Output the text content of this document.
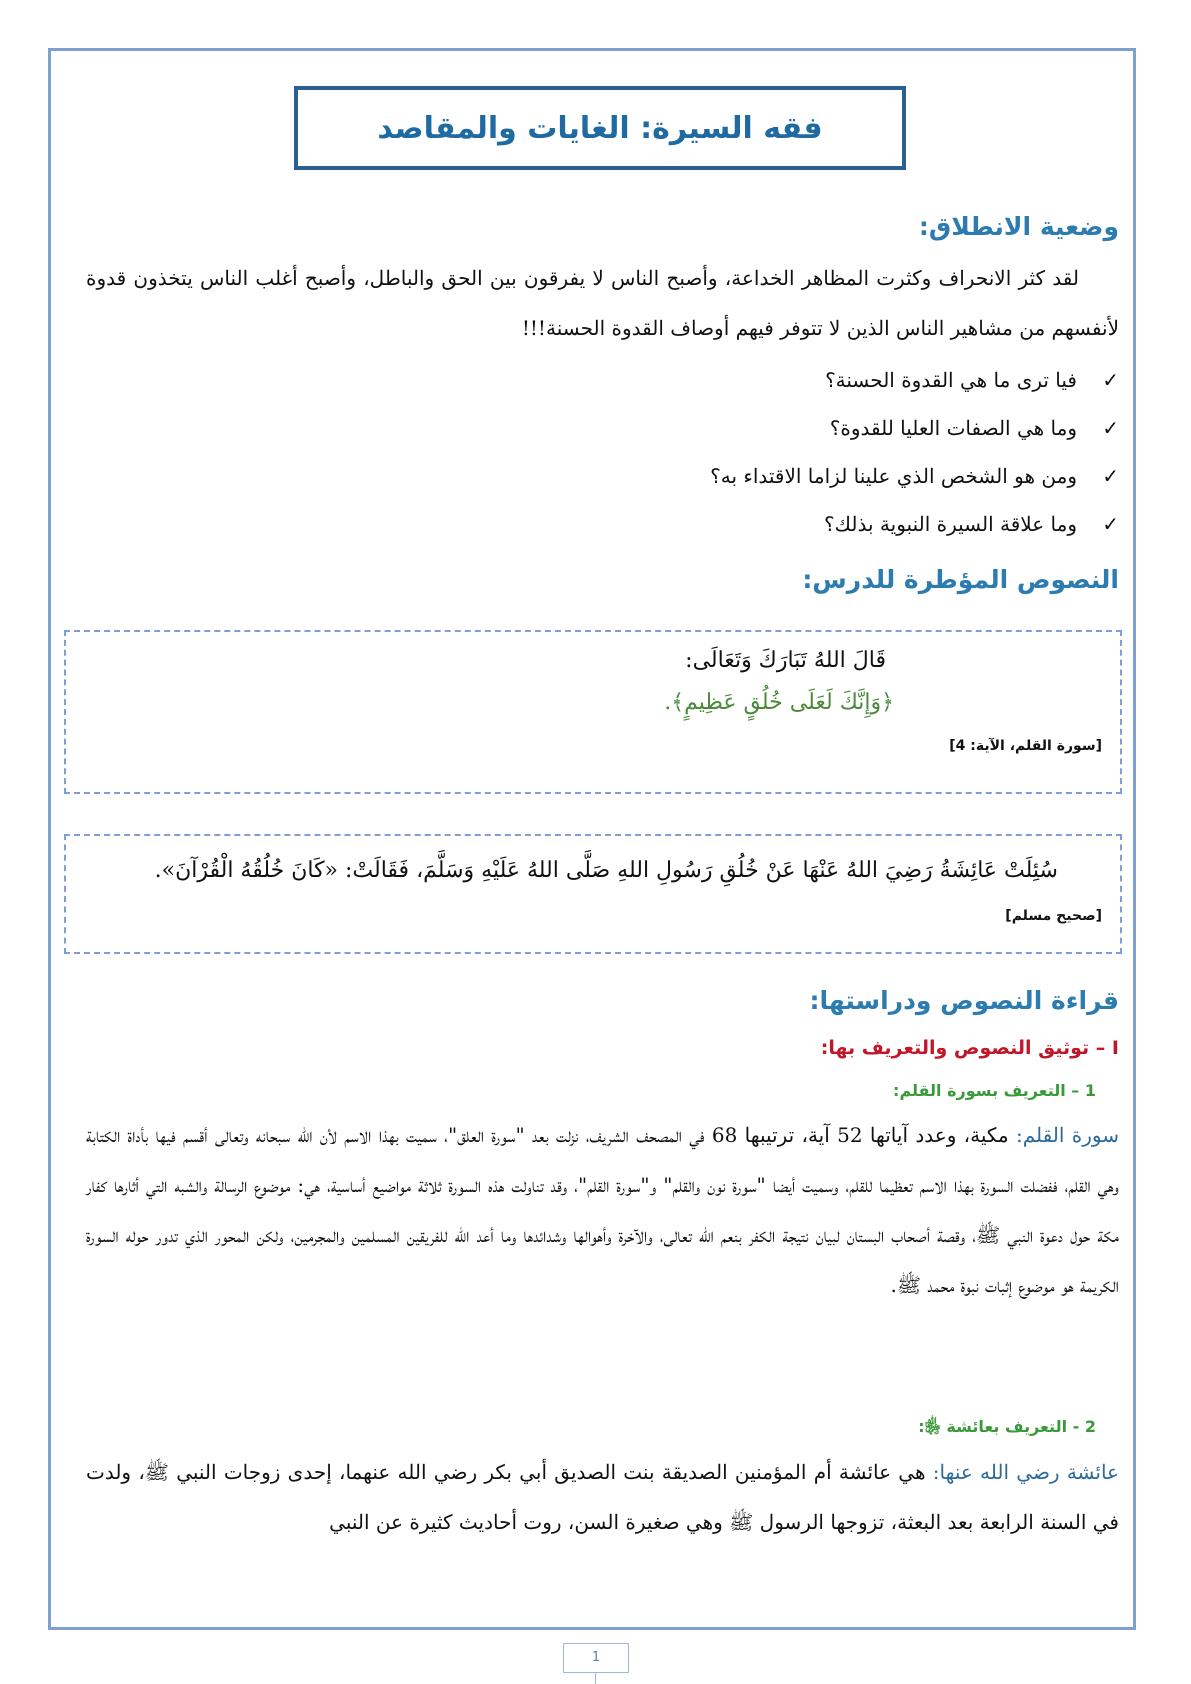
فقه السيرة: الغايات والمقاصد
وضعية الانطلاق:
لقد كثر الانحراف وكثرت المظاهر الخداعة، وأصبح الناس لا يفرقون بين الحق والباطل، وأصبح أغلب الناس يتخذون قدوة لأنفسهم من مشاهير الناس الذين لا تتوفر فيهم أوصاف القدوة الحسنة!!!
✓
فيا ترى ما هي القدوة الحسنة؟
✓
وما هي الصفات العليا للقدوة؟
✓
ومن هو الشخص الذي علينا لزاما الاقتداء به؟
✓
وما علاقة السيرة النبوية بذلك؟
النصوص المؤطرة للدرس:
قَالَ اللهُ تَبَارَكَ وَتَعَالَى:
﴿وَإِنَّكَ لَعَلَى خُلُقٍ عَظِيمٍ﴾.
[سورة القلم، الآية: 4]
سُئِلَتْ عَائِشَةُ رَضِيَ اللهُ عَنْهَا عَنْ خُلُقِ رَسُولِ اللهِ صَلَّى اللهُ عَلَيْهِ وَسَلَّمَ، فَقَالَتْ: «كَانَ خُلُقُهُ الْقُرْآنَ».
[صحيح مسلم]
قراءة النصوص ودراستها:
I – توثيق النصوص والتعريف بها:
1 – التعريف بسورة القلم:
سورة القلم: مكية، وعدد آياتها 52 آية، ترتيبها 68 في المصحف الشريف، نزلت بعد "سورة العلق"، سميت بهذا الاسم لأن الله سبحانه وتعالى أقسم فيها بأداة الكتابة وهي القلم، ففضلت السورة بهذا الاسم تعظيما للقلم، وسميت أيضا "سورة نون والقلم" و"سورة القلم"، وقد تناولت هذه السورة ثلاثة مواضيع أساسية، هي: موضوع الرسالة والشبه التي أثارها كفار مكة حول دعوة النبي ﷺ، وقصة أصحاب البستان لبيان نتيجة الكفر بنعم الله تعالى، والآخرة وأهوالها وشدائدها وما أعد الله للفريقين المسلمين والمجرمين، ولكن المحور الذي تدور حوله السورة الكريمة هو موضوع إثبات نبوة محمد ﷺ.
2 - التعريف بعائشة ﵂:
عائشة رضي الله عنها: هي عائشة أم المؤمنين الصديقة بنت الصديق أبي بكر رضي الله عنهما، إحدى زوجات النبي ﷺ، ولدت في السنة الرابعة بعد البعثة، تزوجها الرسول ﷺ وهي صغيرة السن، روت أحاديث كثيرة عن النبي
1
